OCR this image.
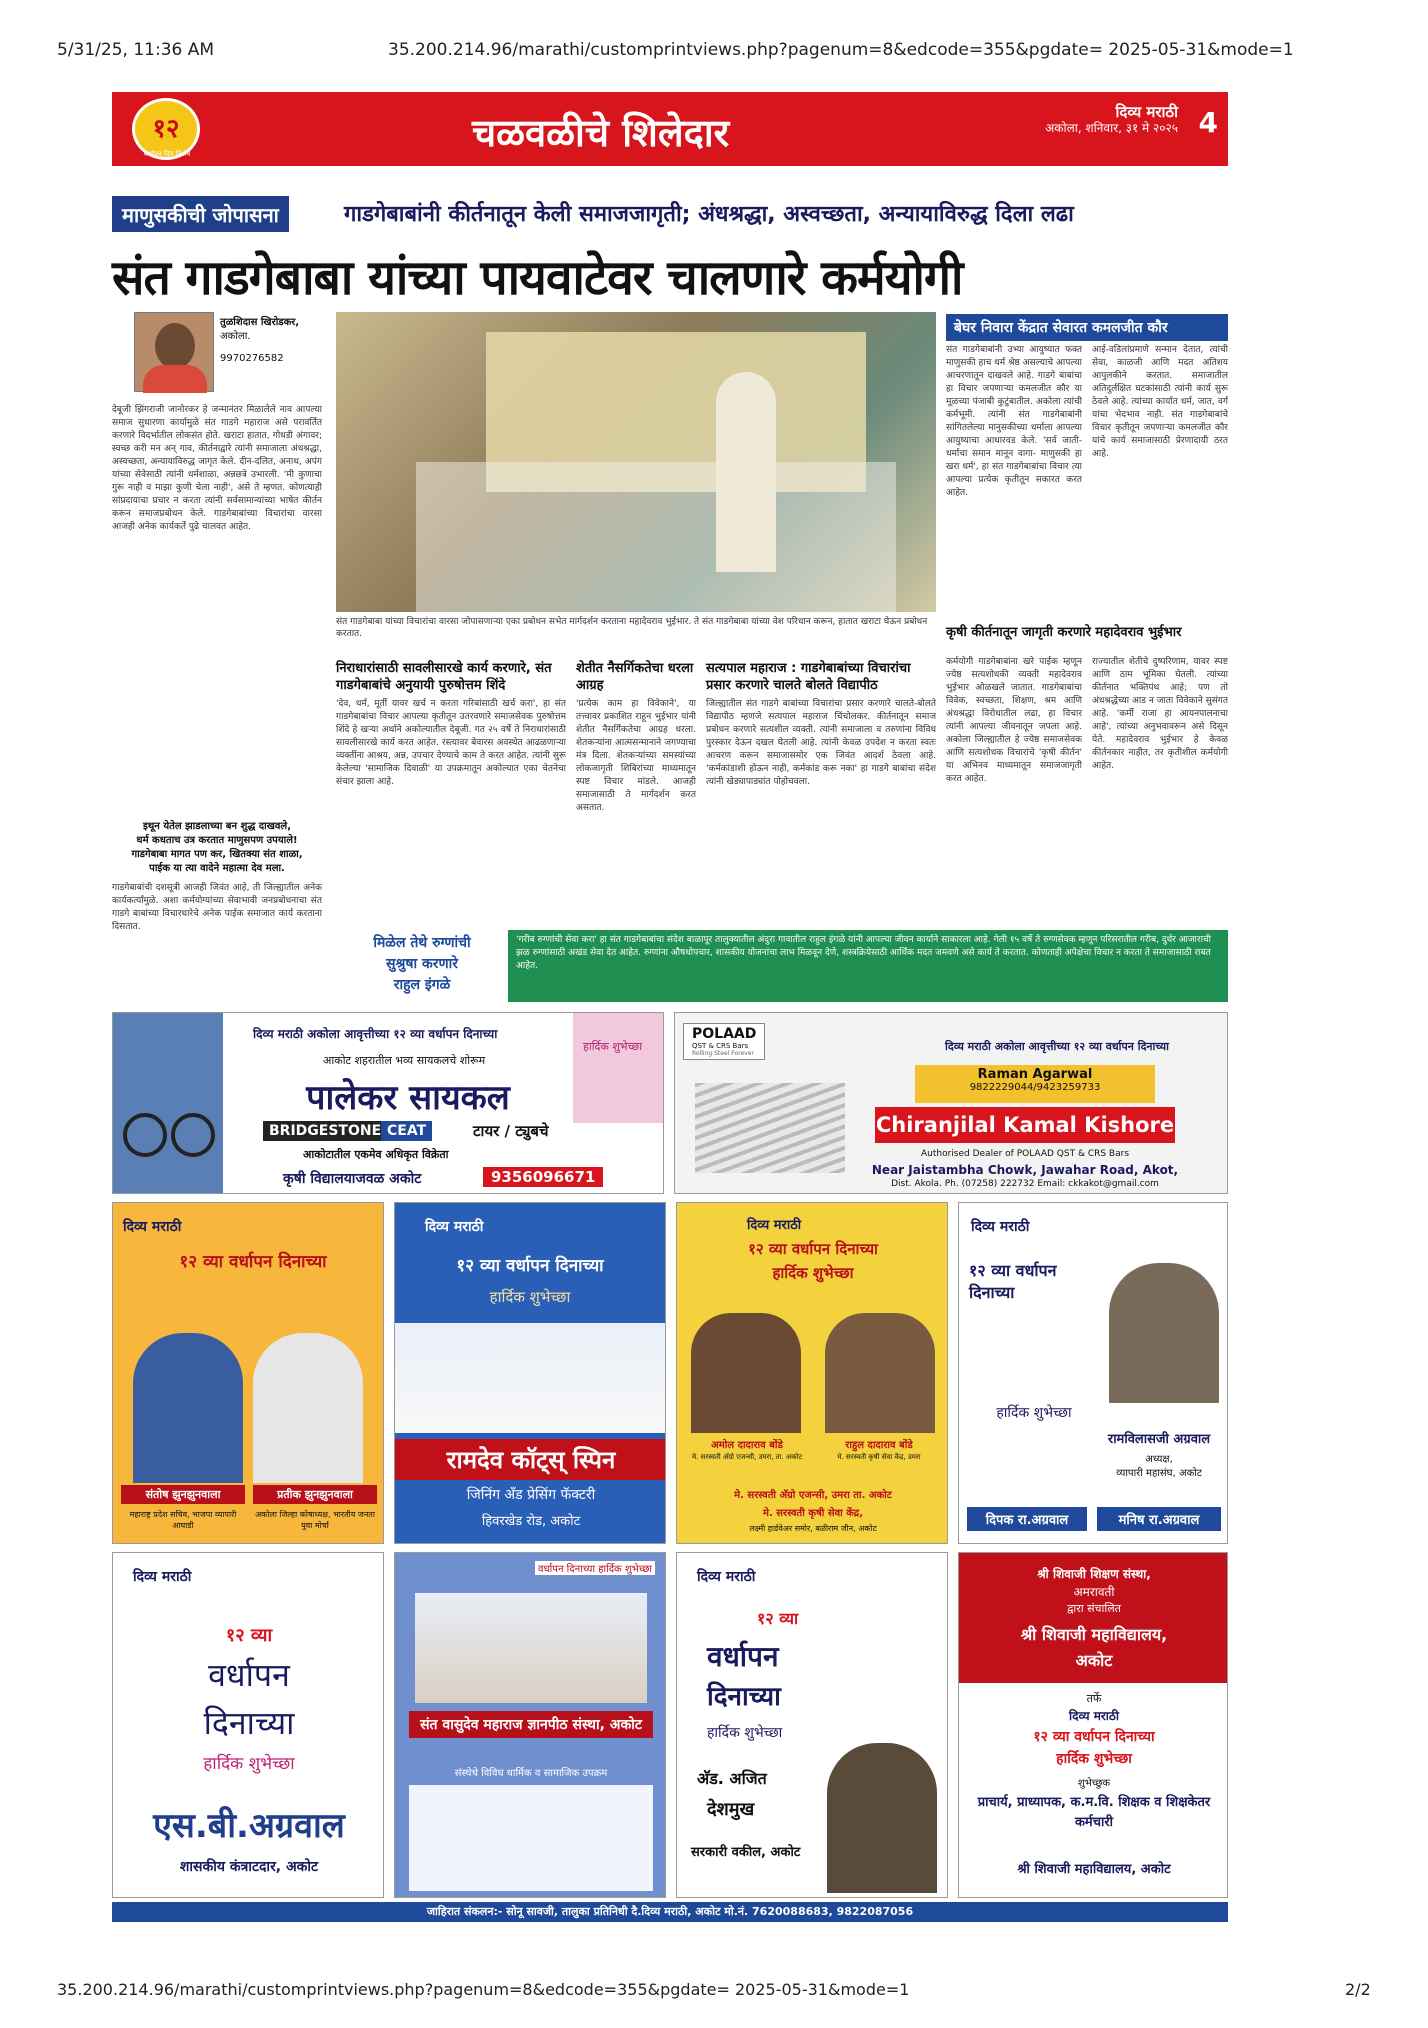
5/31/25, 11:36 AM	35.200.214.96/marathi/customprintviews.php?pagenum=8&edcode=355&pgdate= 2025-05-31&mode=1
१२
वर्धापन दिन विशेष	चळवळीचे शिलेदार	दिव्य मराठी
अकोला, शनिवार, ३१ मे २०२५ 4
माणुसकीची जोपासना	गाडगेबाबांनी कीर्तनातून केली समाजजागृती; अंधश्रद्धा, अस्वच्छता, अन्यायाविरुद्ध दिला लढा
संत गाडगेबाबा यांच्या पायवाटेवर चालणारे कर्मयोगी
तुळशिदास खिरोडकर,
अकोला.
9970276582
देबूजी झिंगराजी जानोरकर हे जन्मानंतर मिळालेले नाव आपल्या समाज सुधारणा कार्यामुळे संत गाडगे महाराज असे परावर्तित करणारे विदर्भातील लोकसंत होते. खराटा हातात, गोधडी अंगावर; स्वच्छ करी मन अन् गाव, कीर्तनाद्वारे त्यांनी समाजाला अंधश्रद्धा, अस्वच्छता, अन्यायाविरुद्ध जागृत केले. दीन-दलित, अनाथ, अपंग यांच्या सेवेसाठी त्यांनी धर्मशाळा, अन्नछत्रे उभारली. 'मी कुणाचा गुरू नाही व माझा कुणी चेला नाही', असे ते म्हणत. कोणत्याही सांप्रदायाचा प्रचार न करता त्यांनी सर्वसामान्यांच्या भाषेत कीर्तन करून समाजप्रबोधन केले. गाडगेबाबांच्या विचारांचा वारसा आजही अनेक कार्यकर्ते पुढे चालवत आहेत.
इथून येतेल झाडलाच्या बन शुद्ध दाखवले,
धर्म कधताच उत्र करतात माणुसपण उपयाले!
गाडगेबाबा मागत पण कर, खितक्या संत शाळा,
पाईक या त्या वादेने महात्मा देव मला.
गाडगेबाबांची दशसूत्री आजही जिवंत आहे, ती जिल्ह्यातील अनेक कार्यकर्त्यांमुळे. अशा कर्मयोग्यांच्या सेवाभावी जनप्रबोधनाचा संत गाडगे बाबांच्या विचारधारेचे अनेक पाईक समाजात कार्य करताना दिसतात.
संत गाडगेबाबा यांच्या विचारांचा वारसा जोपासणाऱ्या एका प्रबोधन सभेत मार्गदर्शन करताना महादेवराव भुईभार. ते संत गाडगेबाबा यांच्या वेश परिधान करून, हातात खराटा घेऊन प्रबोधन करतात.
बेघर निवारा केंद्रात सेवारत कमलजीत कौर
संत गाडगेबाबांनी उभ्या आयुष्यात फक्त माणुसकी हाच धर्म श्रेष्ठ असल्याचे आपल्या आचरणातून दाखवले आहे. गाडगे बाबांचा हा विचार जपणाऱ्या कमलजीत कौर या मूळच्या पंजाबी कुटुंबातील. अकोला त्यांची कर्मभूमी. त्यांनी संत गाडगेबाबांनी सांगितलेल्या मानुसकीच्या धर्माला आपल्या आयुष्याचा आधारवड केले. 'सर्व जाती-धर्माचा समान मानून वागा- माणुसकी हा खरा धर्म', हा संत गाडगेबाबांचा विचार त्या आपल्या प्रत्येक कृतीतून सकारत करत आहेत.
आई-वडिलांप्रमाणे सन्मान देतात, त्यांची सेवा, काळजी आणि मदत अतिशय आपुलकीने करतात. समाजातील अतिदुर्लक्षित घटकांसाठी त्यांनी कार्य सुरू ठेवले आहे. त्यांच्या कार्यात धर्म, जात, वर्ग यांचा भेदभाव नाही. संत गाडगेबाबांचे विचार कृतीतून जपणाऱ्या कमलजीत कौर यांचे कार्य समाजासाठी प्रेरणादायी ठरत आहे.
कृषी कीर्तनातून जागृती करणारे महादेवराव भुईभार
कर्मयोगी गाडगेबाबांना खरे पाईक म्हणून ज्येष्ठ सत्यशोधकी व्यक्ती महादेवराव भुईभार ओळखले जातात. गाडगेबाबांचा विवेक, स्वच्छता, शिक्षण, श्रम आणि अंधश्रद्धा विरोधातील लढा, हा विचार त्यांनी आपल्या जीवनातून जपला आहे. अकोला जिल्ह्यातील हे ज्येष्ठ समाजसेवक आणि सत्यशोधक विचारांचे 'कृषी कीर्तन' या अभिनव माध्यमातून समाजजागृती करत आहेत.
राज्यातील शेतीचे दुष्परिणाम, यावर स्पष्ट आणि ठाम भूमिका घेतली. त्यांच्या कीर्तनात भक्तिपंथ आहे; पण तो अंधश्रद्धेच्या आड न जाता विवेकाने सुसंगत आहे. 'कर्मी राजा हा आयनपालनाचा आहे', त्यांच्या अनुभवावरून असे दिसून येते. महादेवराव भुईभार हे केवळ कीर्तनकार नाहीत, तर कृतीशील कर्मयोगी आहेत.
निराधारांसाठी सावलीसारखे कार्य करणारे, संत गाडगेबाबांचे अनुयायी पुरुषोत्तम शिंदे
'देव, धर्म, मूर्ती यावर खर्च न करता गरिबांसाठी खर्च करा', हा संत गाडगेबाबांचा विचार आपल्या कृतीतून उतरवणारे समाजसेवक पुरुषोत्तम शिंदे हे खऱ्या अर्थाने अकोल्यातील देबूजी. गत २५ वर्षे ते निराधारांसाठी सावलीसारखे कार्य करत आहेत. रस्त्यावर बेवारस अवस्थेत आढळणाऱ्या व्यक्तींना आश्रय, अन्न, उपचार देण्याचे काम ते करत आहेत. त्यांनी सुरू केलेल्या 'सामाजिक दिवाळी' या उपक्रमातून अकोल्यात एका चेतनेचा संचार झाला आहे.
शेतीत नैसर्गिकतेचा धरला आग्रह
'प्रत्येक काम हा विवेकाने', या तत्त्वावर प्रकाशित राहून भुईभार यांनी शेतीत नैसर्गिकतेचा आग्रह धरला. शेतकऱ्यांना आत्मसन्मानाने जगण्याचा मंत्र दिला. शेतकऱ्यांच्या समस्यांच्या लोकजागृती शिबिरांच्या माध्यमातून स्पष्ट विचार मांडले. आजही समाजासाठी ते मार्गदर्शन करत असतात.
सत्यपाल महाराज : गाडगेबाबांच्या विचारांचा प्रसार करणारे चालते बोलते विद्यापीठ
जिल्ह्यातील संत गाडगे बाबांच्या विचारांचा प्रसार करणारे चालते-बोलते विद्यापीठ म्हणजे सत्यपाल महाराज चिंचोलकर. कीर्तनातून समाज प्रबोधन करणारे सत्यशील व्यक्ती. त्यांनी समाजाला व तरुणांना विविध पुरस्कार देऊन दखल घेतली आहे. त्यांनी केवळ उपदेश न करता स्वतः आचरण करून समाजासमोर एक जिवंत आदर्श ठेवला आहे. 'कर्मकांडाशी होऊन नाही, कर्मकांड करू नका' हा गाडगे बाबांचा संदेश त्यांनी खेड्यापाड्यांत पोहोचवला.
मिळेल तेथे रुग्णांची
सुश्रुषा करणारे
राहुल इंगळे
'गरीब रुग्णांची सेवा करा' हा संत गाडगेबाबांचा संदेश बाळापूर तालुक्यातील अंदुरा गावातील राहुल इंगळे यांनी आपल्या जीवन कार्याने साकारला आहे. गेली १५ वर्षे ते रुग्णसेवक म्हणून परिसरातील गरीब, दुर्धर आजाराची झळ रुग्णांसाठी अखंड सेवा देत आहेत. रुग्णांना औषधोपचार, शासकीय योजनांचा लाभ मिळवून देणे, शस्त्रक्रियेसाठी आर्थिक मदत जमवणे असे कार्य ते करतात. कोणताही अपेक्षेचा विचार न करता ते समाजासाठी राबत आहेत.
दिव्य मराठी अकोला आवृत्तीच्या १२ व्या वर्धापन दिनाच्या
आकोट शहरातील भव्य सायकलचे शोरूम
पालेकर सायकल
BRIDGESTONE CEAT	टायर / ट्युबचे
आकोटातील एकमेव अधिकृत विक्रेता
कृषी विद्यालयाजवळ अकोट	9356096671
हार्दिक शुभेच्छा
POLAAD
QST & CRS Bars
Rolling Steel Forever
दिव्य मराठी अकोला आवृत्तीच्या १२ व्या वर्धापन दिनाच्या
Raman Agarwal
9822229044/9423259733
Chiranjilal Kamal Kishore
Authorised Dealer of POLAAD QST & CRS Bars
Near Jaistambha Chowk, Jawahar Road, Akot,
Dist. Akola. Ph. (07258) 222732 Email: ckkakot@gmail.com
दिव्य मराठी
१२ व्या वर्धापन दिनाच्या
संतोष झुनझुनवाला	प्रतीक झुनझुनवाला
महाराष्ट्र प्रदेश सचिव, भाजपा व्यापारी आघाडी
अकोला जिल्हा कोषाध्यक्ष, भारतीय जनता युवा मोर्चा
दिव्य मराठी
१२ व्या वर्धापन दिनाच्या
हार्दिक शुभेच्छा
रामदेव कॉट्स् स्पिन
जिनिंग अँड प्रेसिंग फॅक्टरी
हिवरखेड रोड, अकोट
दिव्य मराठी
१२ व्या वर्धापन दिनाच्या
हार्दिक शुभेच्छा
अमोल दादाराव बोंडे	राहुल दादाराव बोंडे
मे. सरस्वती अ‍ॅग्रो एजन्सी, उमरा, ता. अकोट	मे. सरस्वती कृषी सेवा केंद्र, उमरा
मे. सरस्वती अ‍ॅग्रो एजन्सी, उमरा ता. अकोट
मे. सरस्वती कृषी सेवा केंद्र,
लक्ष्मी हार्डवेअर समोर, बळीराम जीन, अकोट
दिव्य मराठी
१२ व्या वर्धापन दिनाच्या
हार्दिक शुभेच्छा
रामविलासजी अग्रवाल
अध्यक्ष,
व्यापारी महासंघ, अकोट
दिपक रा.अग्रवाल	मनिष रा.अग्रवाल
दिव्य मराठी
१२ व्या
वर्धापन
दिनाच्या
हार्दिक शुभेच्छा
एस.बी.अग्रवाल
शासकीय कंत्राटदार, अकोट
वर्धापन दिनाच्या हार्दिक शुभेच्छा
संत वासुदेव महाराज ज्ञानपीठ संस्था, अकोट
संस्थेचे विविध धार्मिक व सामाजिक उपक्रम
दिव्य मराठी
१२ व्या
वर्धापन
दिनाच्या
हार्दिक शुभेच्छा
अ‍ॅड. अजित
देशमुख
सरकारी वकील, अकोट
श्री शिवाजी शिक्षण संस्था,
अमरावती
द्वारा संचालित
श्री शिवाजी महाविद्यालय,
अकोट
तर्फे
दिव्य मराठी
१२ व्या वर्धापन दिनाच्या
हार्दिक शुभेच्छा
शुभेच्छुक
प्राचार्य, प्राध्यापक, क.म.वि. शिक्षक व शिक्षकेतर कर्मचारी
श्री शिवाजी महाविद्यालय, अकोट
जाहिरात संकलन:- सोनू सावजी, तालुका प्रतिनिधी दै.दिव्य मराठी, अकोट मो.नं. 7620088683, 9822087056
35.200.214.96/marathi/customprintviews.php?pagenum=8&edcode=355&pgdate= 2025-05-31&mode=1	2/2
